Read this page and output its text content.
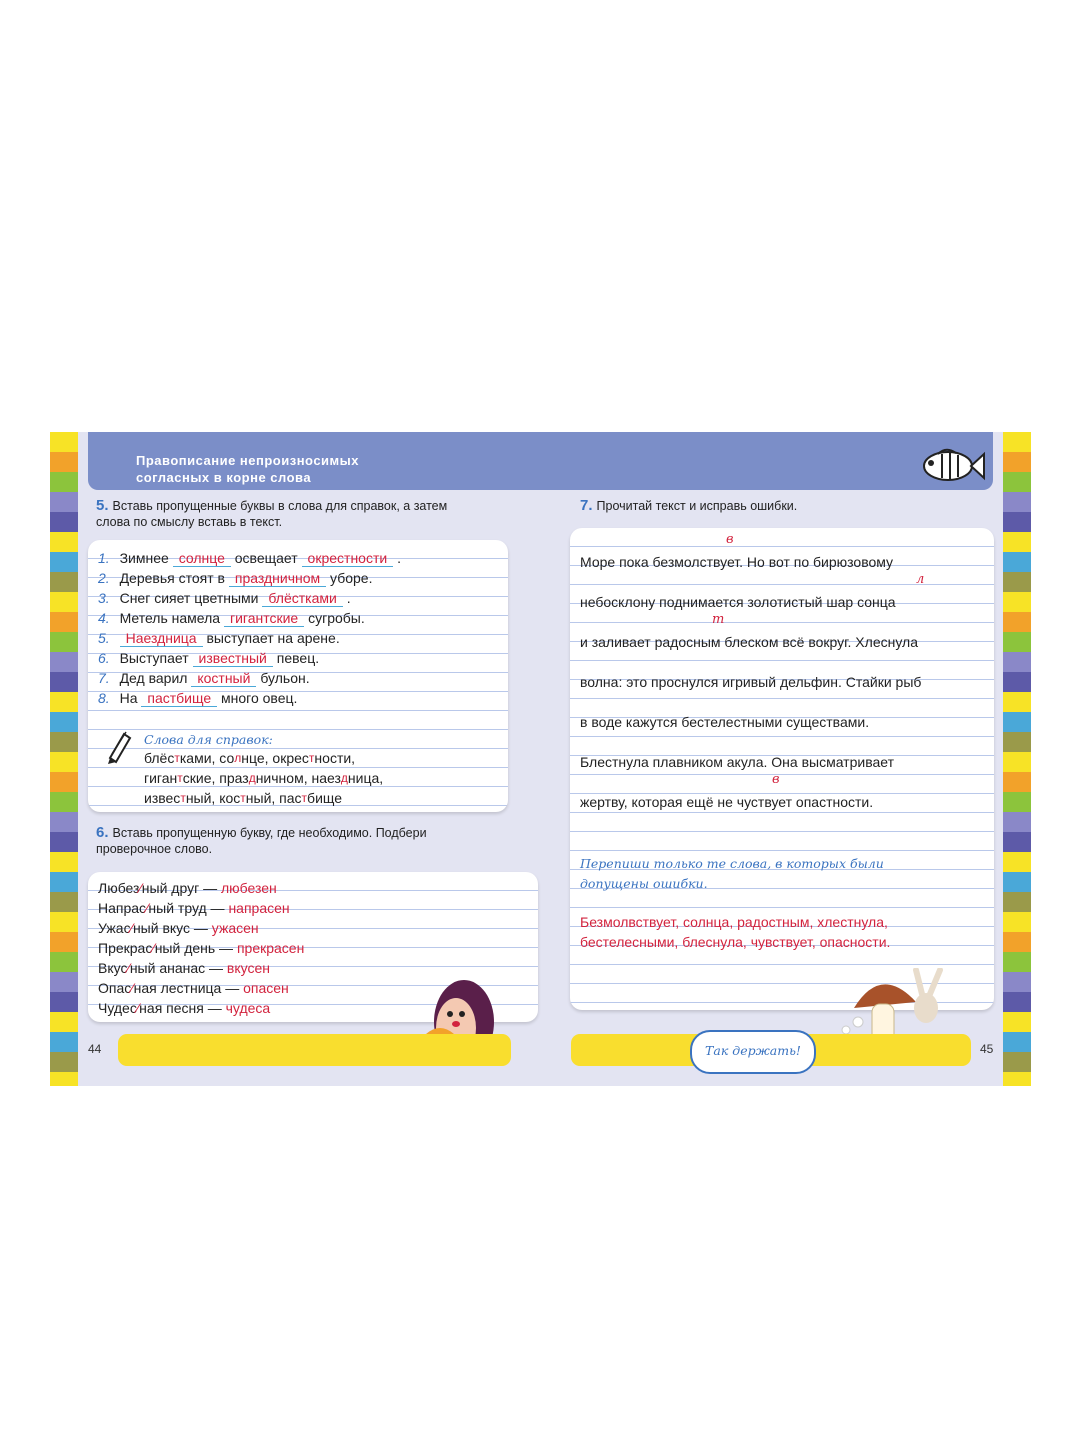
Правописание непроизносимых
согласных в корне слова
5. Вставь пропущенные буквы в слова для справок, а затем
слова по смыслу вставь в текст.
1. Зимнее солнце освещает окрестности .
2. Деревья стоят в праздничном уборе.
3. Снег сияет цветными блёстками .
4. Метель намела гигантские сугробы.
5. Наездница выступает на арене.
6. Выступает известный певец.
7. Дед варил костный бульон.
8. На пастбище много овец.
Слова для справок:
блёстками, солнце, окрестности,
гигантские, праздничном, наездница,
известный, костный, пастбище
6. Вставь пропущенную букву, где необходимо. Подбери
проверочное слово.
Любез⁄ный друг — любезен
Напрас⁄ный труд — напрасен
Ужас⁄ный вкус — ужасен
Прекрас⁄ный день — прекрасен
Вкус⁄ный ананас — вкусен
Опас⁄ная лестница — опасен
Чудес⁄ная песня — чудеса
7. Прочитай текст и исправь ошибки.
Море пока безмолствует. Но вот по бирюзовому
в
небосклону поднимается золотистый шар сонца
л
и заливает радосным блеском всё вокруг. Хлеснула
т
волна: это проснулся игривый дельфин. Стайки рыб
в воде кажутся бестелестными существами.
Блестнула плавником акула. Она высматривает
жертву, которая ещё не чуствует опастности.
в
Перепиши только те слова, в которых были
допущены ошибки.
Безмолвствует, солнца, радостным, хлестнула,
бестелесными, блеснула, чувствует, опасности.
44	45
Так держать!
